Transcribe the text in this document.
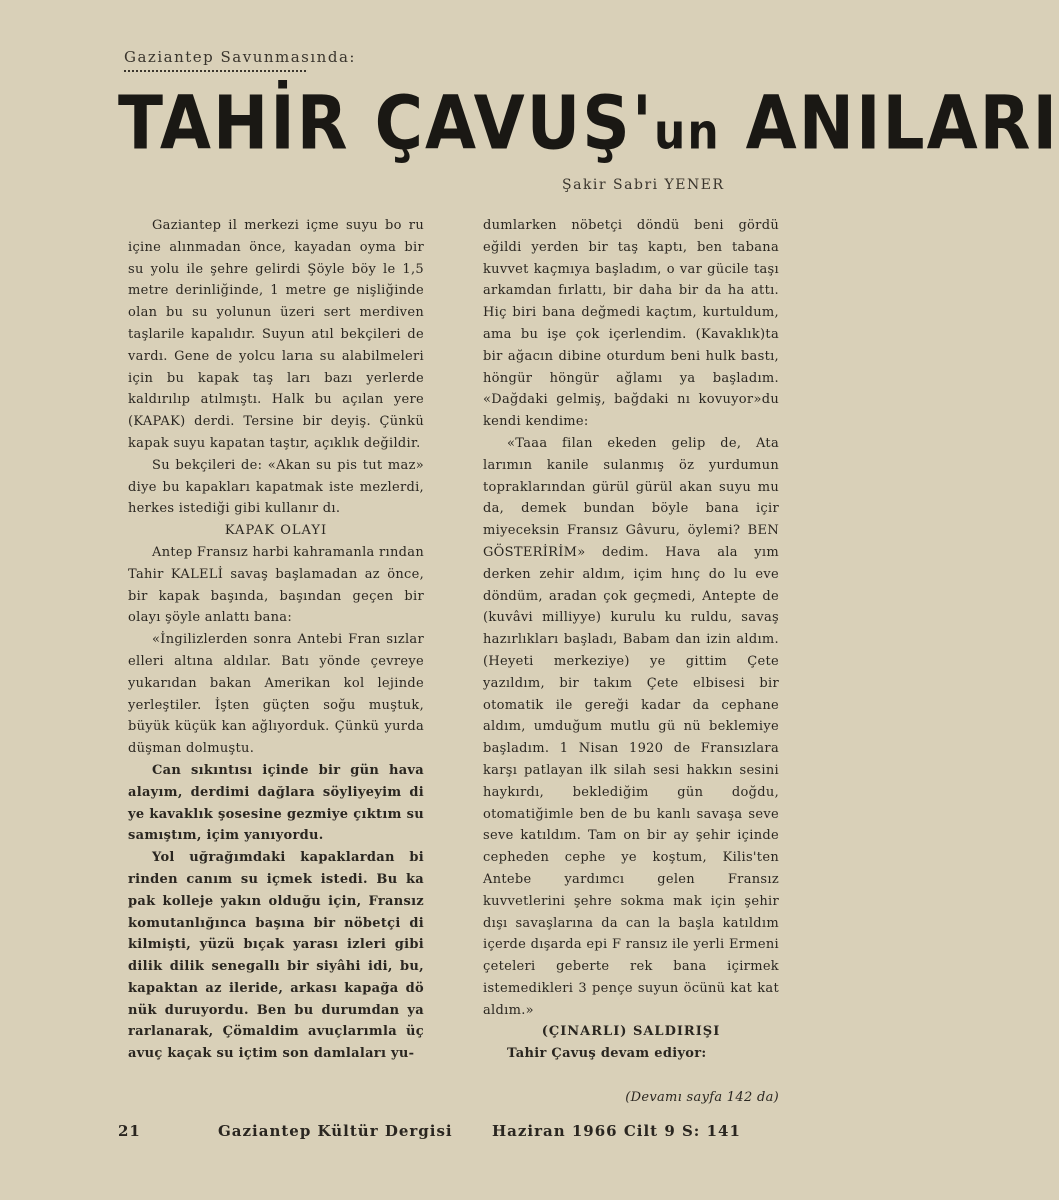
Gaziantep Savunmasında:
TAHİR ÇAVUŞ'un ANILARI
Şakir Sabri YENER

Gaziantep il merkezi içme suyu bo ru içine alınmadan önce, kayadan oyma bir su yolu ile şehre gelirdi Şöyle böy le 1,5 metre derinliğinde, 1 metre ge nişliğinde olan bu su yolunun üzeri sert merdiven taşlarile kapalıdır. Suyun atıl bekçileri de vardı. Gene de yolcu larıa su alabilmeleri için bu kapak taş ları bazı yerlerde kaldırılıp atılmıştı. Halk bu açılan yere (KAPAK) derdi. Tersine bir deyiş. Çünkü kapak suyu kapatan taştır, açıklık değildir.

Su bekçileri de: «Akan su pis tut maz» diye bu kapakları kapatmak iste mezlerdi, herkes istediği gibi kullanır dı.

KAPAK OLAYI

Antep Fransız harbi kahramanla rından Tahir KALELİ savaş başlamadan az önce, bir kapak başında, başından geçen bir olayı şöyle anlattı bana:

«İngilizlerden sonra Antebi Fran sızlar elleri altına aldılar. Batı yönde çevreye yukarıdan bakan Amerikan kol lejinde yerleştiler. İşten güçten soğu muştuk, büyük küçük kan ağlıyorduk. Çünkü yurda düşman dolmuştu.

Can sıkıntısı içinde bir gün hava alayım, derdimi dağlara söyliyeyim di ye kavaklık şosesine gezmiye çıktım su samıştım, içim yanıyordu.

Yol uğrağımdaki kapaklardan bi rinden canım su içmek istedi. Bu ka pak kolleje yakın olduğu için, Fransız komutanlığınca başına bir nöbetçi di kilmişti, yüzü bıçak yarası izleri gibi dilik dilik senegallı bir siyâhi idi, bu, kapaktan az ileride, arkası kapağa dö nük duruyordu. Ben bu durumdan ya rarlanarak, Çömaldim avuçlarımla üç avuç kaçak su içtim son damlaları yu-

dumlarken nöbetçi döndü beni gördü eğildi yerden bir taş kaptı, ben tabana kuvvet kaçmıya başladım, o var gücile taşı arkamdan fırlattı, bir daha bir da ha attı. Hiç biri bana değmedi kaçtım, kurtuldum, ama bu işe çok içerlendim. (Kavaklık)ta bir ağacın dibine oturdum beni hulk bastı, höngür höngür ağlamı ya başladım. «Dağdaki gelmiş, bağdaki nı kovuyor»du kendi kendime:

«Taaa filan ekeden gelip de, Ata larımın kanile sulanmış öz yurdumun topraklarından gürül gürül akan suyu mu da, demek bundan böyle bana içir miyeceksin Fransız Gâvuru, öylemi? BEN GÖSTERİRİM» dedim. Hava ala yım derken zehir aldım, içim hınç do lu eve döndüm, aradan çok geçmedi, Antepte de (kuvâvi milliyye) kurulu ku ruldu, savaş hazırlıkları başladı, Babam dan izin aldım. (Heyeti merkeziye) ye gittim Çete yazıldım, bir takım Çete elbisesi bir otomatik ile gereği kadar da cephane aldım, umduğum mutlu gü nü beklemiye başladım. 1 Nisan 1920 de Fransızlara karşı patlayan ilk silah sesi hakkın sesini haykırdı, beklediğim gün doğdu, otomatiğimle ben de bu kanlı savaşa seve seve katıldım. Tam on bir ay şehir içinde cepheden cephe ye koştum, Kilis'ten Antebe yardımcı gelen Fransız kuvvetlerini şehre sokma mak için şehir dışı savaşlarına da can la başla katıldım içerde dışarda epi F ransız ile yerli Ermeni çeteleri geberte rek bana içirmek istemedikleri 3 pençe suyun öcünü kat kat aldım.»

(ÇINARLI) SALDIRIŞI

Tahir Çavuş devam ediyor:

(Devamı sayfa 142 da)

21	Gaziantep Kültür Dergisi	Haziran 1966 Cilt 9 S: 141
